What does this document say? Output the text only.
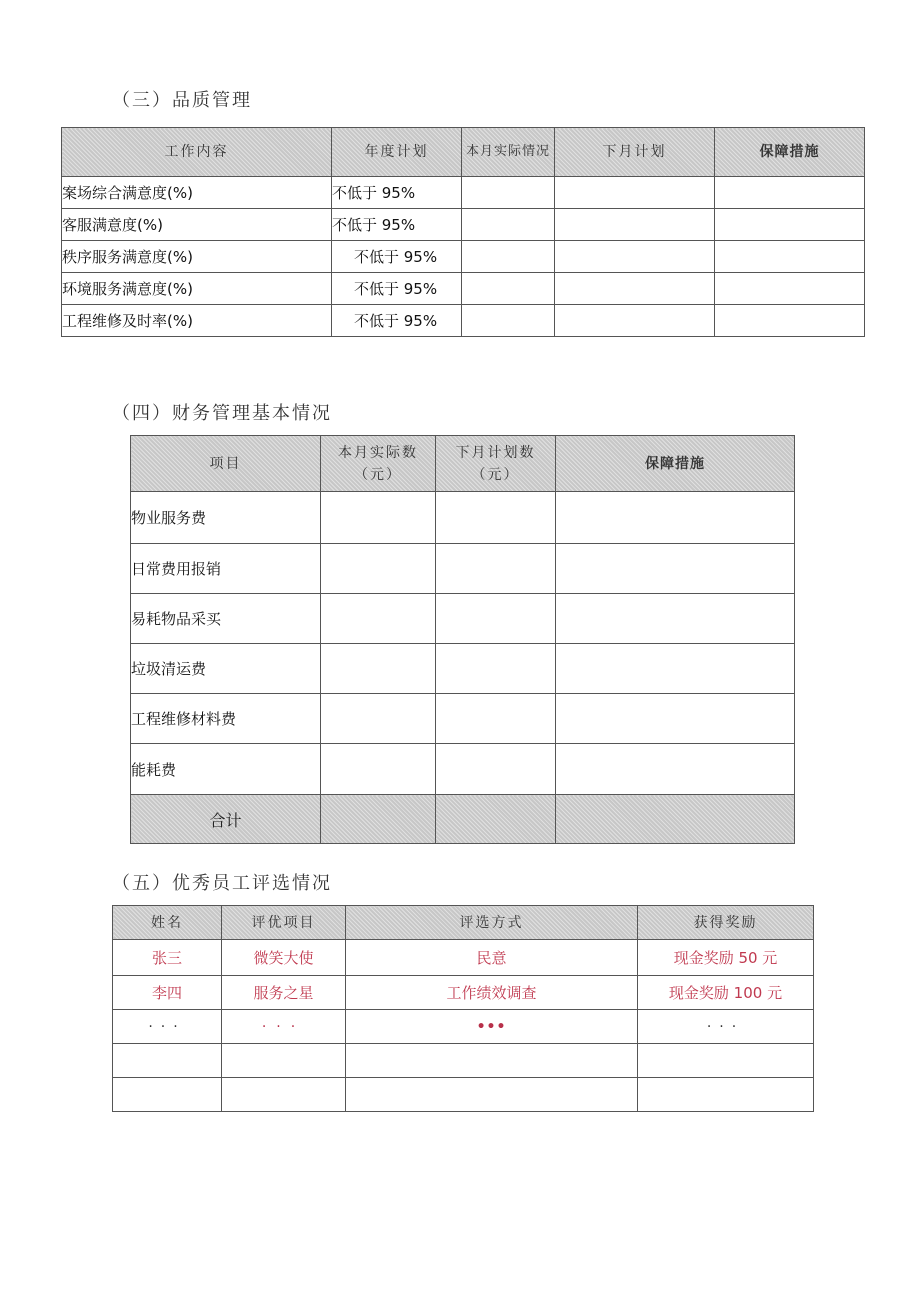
（三）品质管理
工作内容	年度计划	本月实际情况	下月计划	保障措施
案场综合满意度(%)	不低于 95%			
客服满意度(%)	不低于 95%			
秩序服务满意度(%)	不低于 95%			
环境服务满意度(%)	不低于 95%			
工程维修及时率(%)	不低于 95%			
（四）财务管理基本情况
项目	本月实际数（元）	下月计划数（元）	保障措施
物业服务费			
日常费用报销			
易耗物品采买			
垃圾清运费			
工程维修材料费			
能耗费			
合计			
（五）优秀员工评选情况
姓名	评优项目	评选方式	获得奖励
张三	微笑大使	民意	现金奖励 50 元
李四	服务之星	工作绩效调查	现金奖励 100 元
···	···	•••	···
